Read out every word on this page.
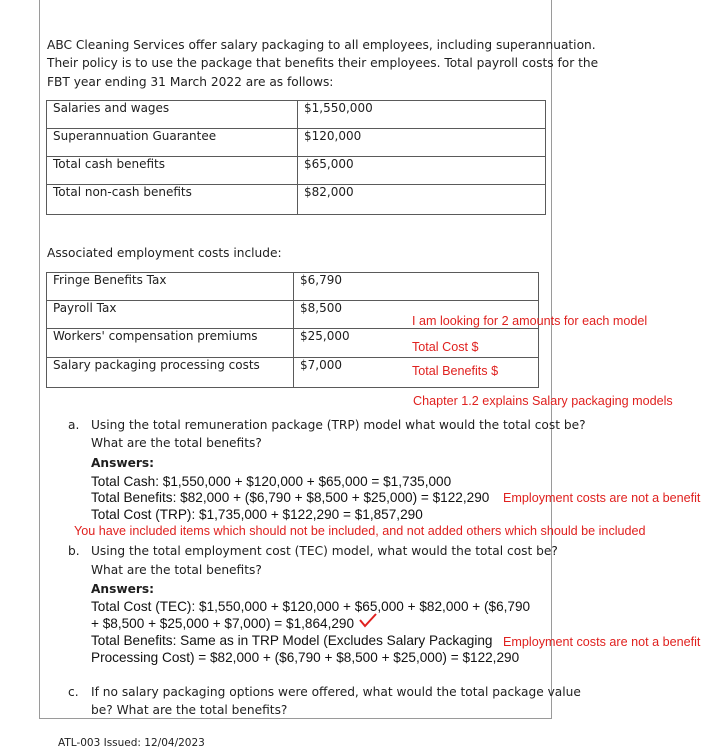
ABC Cleaning Services offer salary packaging to all employees, including superannuation.
Their policy is to use the package that benefits their employees. Total payroll costs for the
FBT year ending 31 March 2022 are as follows:
Salaries and wages	$1,550,000
Superannuation Guarantee	$120,000
Total cash benefits	$65,000
Total non-cash benefits	$82,000
Associated employment costs include:
Fringe Benefits Tax	$6,790
Payroll Tax	$8,500
Workers' compensation premiums	$25,000
Salary packaging processing costs	$7,000
I am looking for 2 amounts for each model
Total Cost $
Total Benefits $
Chapter 1.2 explains Salary packaging models
a. Using the total remuneration package (TRP) model what would the total cost be?
What are the total benefits?
Answers:
Total Cash: $1,550,000 + $120,000 + $65,000 = $1,735,000
Total Benefits: $82,000 + ($6,790 + $8,500 + $25,000) = $122,290 Employment costs are not a benefit
Total Cost (TRP): $1,735,000 + $122,290 = $1,857,290
You have included items which should not be included, and not added others which should be included
b. Using the total employment cost (TEC) model, what would the total cost be?
What are the total benefits?
Answers:
Total Cost (TEC): $1,550,000 + $120,000 + $65,000 + $82,000 + ($6,790
+ $8,500 + $25,000 + $7,000) = $1,864,290
Total Benefits: Same as in TRP Model (Excludes Salary Packaging Employment costs are not a benefit
Processing Cost) = $82,000 + ($6,790 + $8,500 + $25,000) = $122,290
c. If no salary packaging options were offered, what would the total package value
be? What are the total benefits?
ATL-003 Issued: 12/04/2023
